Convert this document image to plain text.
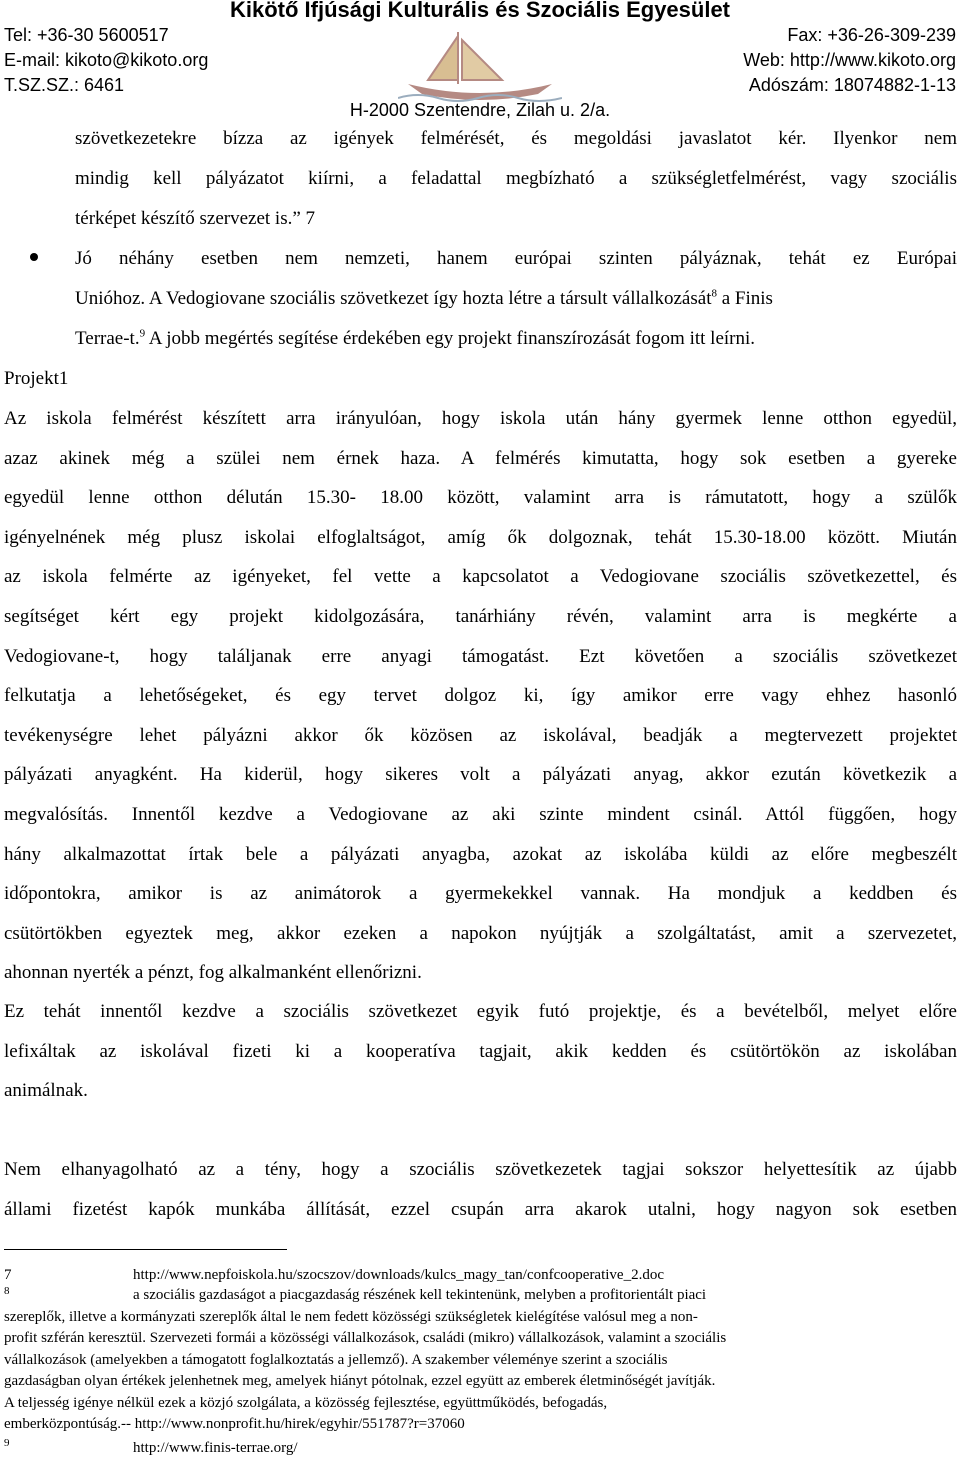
Kikötő Ifjúsági Kulturális és Szociális Egyesület
Tel: +36-30 5600517	Fax: +36-26-309-239
E-mail: kikoto@kikoto.org	Web: http://www.kikoto.org
T.SZ.SZ.: 6461	Adószám: 18074882-1-13
H-2000 Szentendre, Zilah u. 2/a.
szövetkezetekre bízza az igények felmérését, és megoldási javaslatot kér. Ilyenkor nem
mindig kell pályázatot kiírni, a feladattal megbízható a szükségletfelmérést, vagy szociális
térképet készítő szervezet is.” 7
Jó néhány esetben nem nemzeti, hanem európai szinten pályáznak, tehát ez Európai
Unióhoz. A Vedogiovane szociális szövetkezet így hozta létre a társult vállalkozását$^8$ a Finis
Terrae-t.$^9$ A jobb megértés segítése érdekében egy projekt finanszírozását fogom itt leírni.
Projekt1
Az iskola felmérést készített arra irányulóan, hogy iskola után hány gyermek lenne otthon egyedül,
azaz akinek még a szülei nem érnek haza. A felmérés kimutatta, hogy sok esetben a gyereke
egyedül lenne otthon délután 15.30- 18.00 között, valamint arra is rámutatott, hogy a szülők
igényelnének még plusz iskolai elfoglaltságot, amíg ők dolgoznak, tehát 15.30-18.00 között. Miután
az iskola felmérte az igényeket, fel vette a kapcsolatot a Vedogiovane szociális szövetkezettel, és
segítséget kért egy projekt kidolgozására, tanárhiány révén, valamint arra is megkérte a
Vedogiovane-t, hogy találjanak erre anyagi támogatást. Ezt követően a szociális szövetkezet
felkutatja a lehetőségeket, és egy tervet dolgoz ki, így amikor erre vagy ehhez hasonló
tevékenységre lehet pályázni akkor ők közösen az iskolával, beadják a megtervezett projektet
pályázati anyagként. Ha kiderül, hogy sikeres volt a pályázati anyag, akkor ezután következik a
megvalósítás. Innentől kezdve a Vedogiovane az aki szinte mindent csinál. Attól függően, hogy
hány alkalmazottat írtak bele a pályázati anyagba, azokat az iskolába küldi az előre megbeszélt
időpontokra, amikor is az animátorok a gyermekekkel vannak. Ha mondjuk a keddben és
csütörtökben egyeztek meg, akkor ezeken a napokon nyújtják a szolgáltatást, amit a szervezetet,
ahonnan nyerték a pénzt, fog alkalmanként ellenőrizni.
Ez tehát innentől kezdve a szociális szövetkezet egyik futó projektje, és a bevételből, melyet előre
lefixáltak az iskolával fizeti ki a kooperatíva tagjait, akik kedden és csütörtökön az iskolában
animálnak.
Nem elhanyagolható az a tény, hogy a szociális szövetkezetek tagjai sokszor helyettesítik az újabb
állami fizetést kapók munkába állítását, ezzel csupán arra akarok utalni, hogy nagyon sok esetben
7	http://www.nepfoiskola.hu/szocszov/downloads/kulcs_magy_tan/confcooperative_2.doc
8	a szociális gazdaságot a piacgazdaság részének kell tekintenünk, melyben a profitorientált piaci
szereplők, illetve a kormányzati szereplők által le nem fedett közösségi szükségletek kielégítése valósul meg a non-
profit szférán keresztül. Szervezeti formái a közösségi vállalkozások, családi (mikro) vállalkozások, valamint a szociális
vállalkozások (amelyekben a támogatott foglalkoztatás a jellemző). A szakember véleménye szerint a szociális
gazdaságban olyan értékek jelenhetnek meg, amelyek hiányt pótolnak, ezzel együtt az emberek életminőségét javítják.
A teljesség igénye nélkül ezek a közjó szolgálata, a közösség fejlesztése, együttműködés, befogadás,
emberközpontúság.-- http://www.nonprofit.hu/hirek/egyhir/551787?r=37060
9	http://www.finis-terrae.org/
